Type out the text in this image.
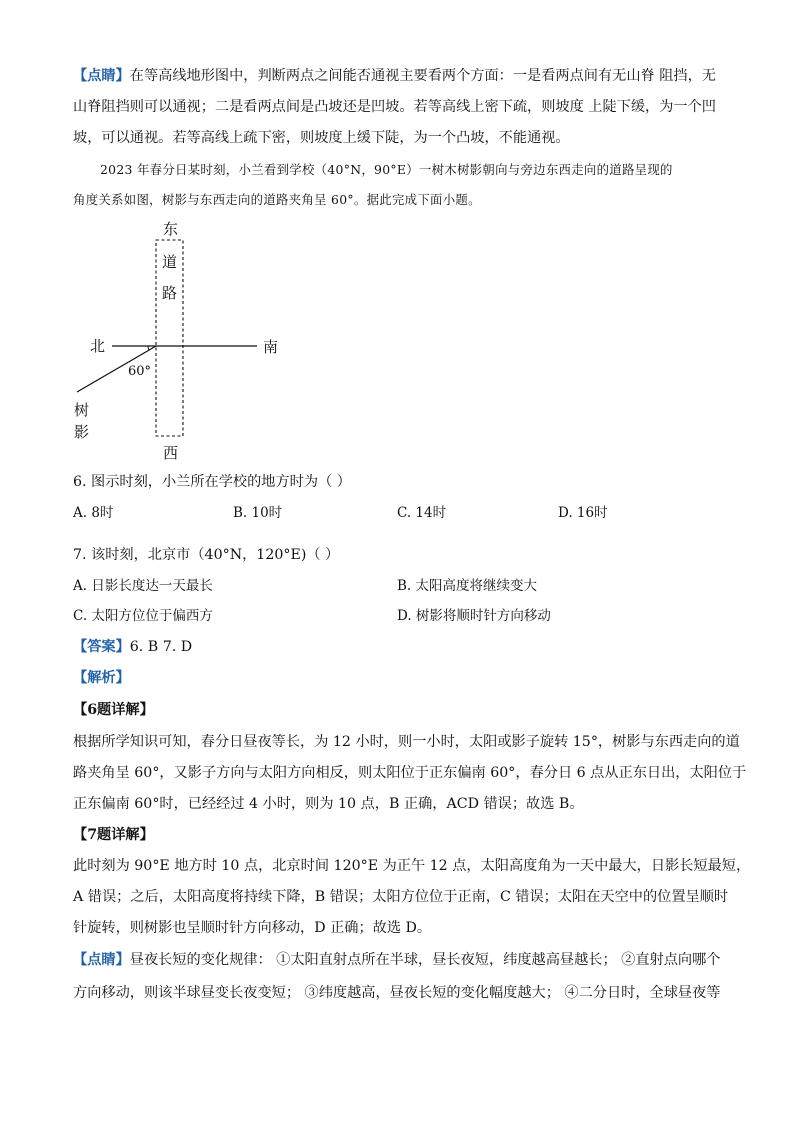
【点睛】在等高线地形图中，判断两点之间能否通视主要看两个方面：一是看两点间有无山脊 阻挡，无
山脊阻挡则可以通视；二是看两点间是凸坡还是凹坡。若等高线上密下疏，则坡度 上陡下缓，为一个凹
坡，可以通视。若等高线上疏下密，则坡度上缓下陡，为一个凸坡，不能通视。
2023 年春分日某时刻，小兰看到学校（40°N，90°E）一树木树影朝向与旁边东西走向的道路呈现的
角度关系如图，树影与东西走向的道路夹角呈 60°。据此完成下面小题。
东
道
路
北	南
60°
树
影
西
6. 图示时刻，小兰所在学校的地方时为（ ）
A. 8时	B. 10时	C. 14时	D. 16时
7. 该时刻，北京市（40°N，120°E)（ ）
A. 日影长度达一天最长	B. 太阳高度将继续变大
C. 太阳方位位于偏西方	D. 树影将顺时针方向移动
【答案】6. B 7. D
【解析】
【6题详解】
根据所学知识可知，春分日昼夜等长，为 12 小时，则一小时，太阳或影子旋转 15°，树影与东西走向的道
路夹角呈 60°，又影子方向与太阳方向相反，则太阳位于正东偏南 60°，春分日 6 点从正东日出，太阳位于
正东偏南 60°时，已经经过 4 小时，则为 10 点，B 正确，ACD 错误；故选 B。
【7题详解】
此时刻为 90°E 地方时 10 点，北京时间 120°E 为正午 12 点，太阳高度角为一天中最大，日影长短最短，
A 错误；之后，太阳高度将持续下降，B 错误；太阳方位位于正南，C 错误；太阳在天空中的位置呈顺时
针旋转，则树影也呈顺时针方向移动，D 正确；故选 D。
【点睛】昼夜长短的变化规律： ①太阳直射点所在半球，昼长夜短，纬度越高昼越长； ②直射点向哪个
方向移动，则该半球昼变长夜变短； ③纬度越高，昼夜长短的变化幅度越大； ④二分日时，全球昼夜等
